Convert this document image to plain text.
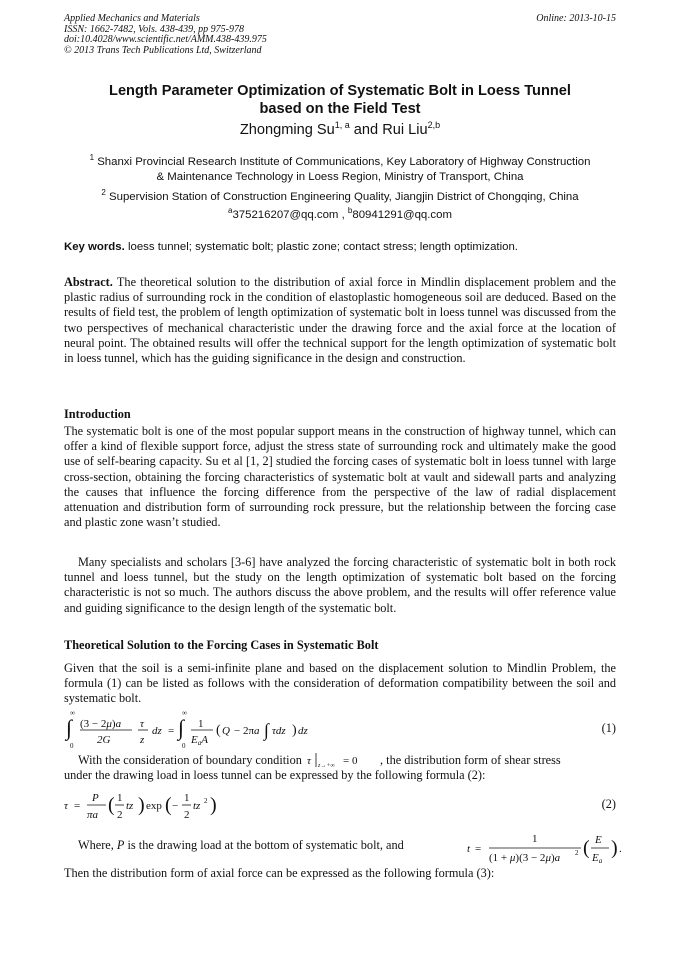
Applied Mechanics and Materials
ISSN: 1662-7482, Vols. 438-439, pp 975-978
doi:10.4028/www.scientific.net/AMM.438-439.975
© 2013 Trans Tech Publications Ltd, Switzerland
Online: 2013-10-15
Length Parameter Optimization of Systematic Bolt in Loess Tunnel
based on the Field Test
Zhongming Su$^{1, a}$ and Rui Liu$^{2,b}$
$^1$ Shanxi Provincial Research Institute of Communications, Key Laboratory of Highway Construction
& Maintenance Technology in Loess Region, Ministry of Transport, China
$^2$ Supervision Station of Construction Engineering Quality, Jiangjin District of Chongqing, China
$^a$375216207@qq.com , $^b$80941291@qq.com
Key words. loess tunnel; systematic bolt; plastic zone; contact stress; length optimization.
Abstract. The theoretical solution to the distribution of axial force in Mindlin displacement problem and the plastic radius of surrounding rock in the condition of elastoplastic homogeneous soil are deduced. Based on the results of field test, the problem of length optimization of systematic bolt in loess tunnel was discussed from the two perspectives of mechanical characteristic under the drawing force and the axial force at the location of neural point. The obtained results will offer the technical support for the length optimization of systematic bolt in loess tunnel, which has the guiding significance in the design and construction.
Introduction
The systematic bolt is one of the most popular support means in the construction of highway tunnel, which can offer a kind of flexible support force, adjust the stress state of surrounding rock and ultimately make the good use of self-bearing capacity. Su et al [1, 2] studied the forcing cases of systematic bolt in loess tunnel with large cross-section, obtaining the forcing characteristics of systematic bolt at vault and sidewall parts and analyzing the causes that influence the forcing difference from the perspective of the law of radial displacement attenuation and distribution form of surrounding rock pressure, but the relationship between the forcing case and plastic zone wasn’t studied.
Many specialists and scholars [3-6] have analyzed the forcing characteristic of systematic bolt in both rock tunnel and loess tunnel, but the study on the length optimization of systematic bolt based on the forcing characteristic is not so much. The authors discuss the above problem, and the results will offer reference value and guiding significance to the design length of the systematic bolt.
Theoretical Solution to the Forcing Cases in Systematic Bolt
Given that the soil is a semi-infinite plane and based on the displacement solution to Mindlin Problem, the formula (1) can be listed as follows with the consideration of deformation compatibility between the soil and systematic bolt.
∞
∫
0
(3 − 2μ)a
2G
τ
z
dz =
∞
∫
0
1
EaA
( Q − 2πa ∫ τdz ) dz	(1)
With the consideration of boundary condition τ z→+∞ = 0 , the distribution form of shear stress
under the drawing load in loess tunnel can be expressed by the following formula (2):
τ =
P
πa ( 1
2
tz ) exp ( −
1
2
tz 2 )	(2)
Where, P is the drawing load at the bottom of systematic bolt, and	t =
1
(1 + μ)(3 − 2μ)a 2 ( E
Ea
) .
Then the distribution form of axial force can be expressed as the following formula (3):
